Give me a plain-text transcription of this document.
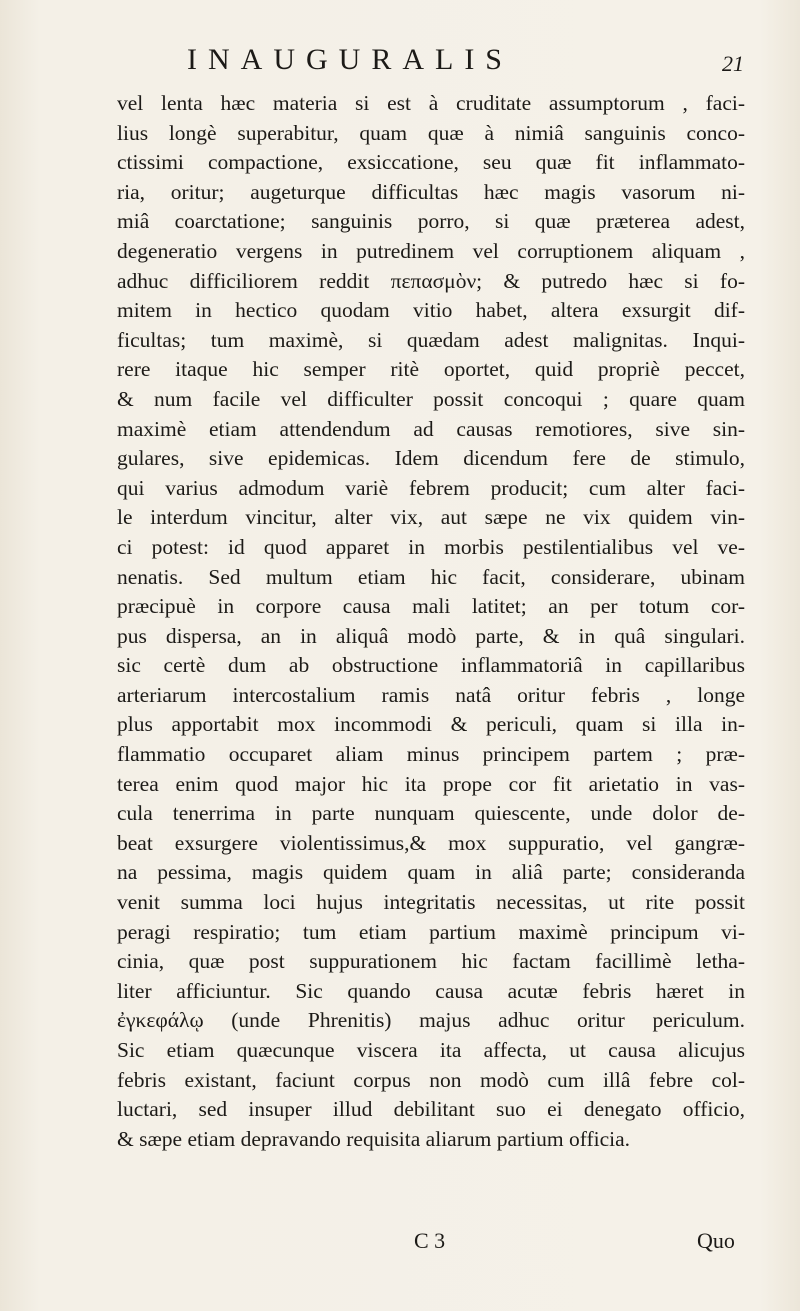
INAUGURALIS	21
vel lenta hæc materia si est à cruditate assumptorum , faci-
lius longè superabitur, quam quæ à nimiâ sanguinis conco-
ctissimi compactione, exsiccatione, seu quæ fit inflammato-
ria, oritur; augeturque difficultas hæc magis vasorum ni-
miâ coarctatione; sanguinis porro, si quæ præterea adest,
degeneratio vergens in putredinem vel corruptionem aliquam ,
adhuc difficiliorem reddit πεπασμὸν; & putredo hæc si fo-
mitem in hectico quodam vitio habet, altera exsurgit dif-
ficultas; tum maximè, si quædam adest malignitas. Inqui-
rere itaque hic semper ritè oportet, quid propriè peccet,
& num facile vel difficulter possit concoqui ; quare quam
maximè etiam attendendum ad causas remotiores, sive sin-
gulares, sive epidemicas. Idem dicendum fere de stimulo,
qui varius admodum variè febrem producit; cum alter faci-
le interdum vincitur, alter vix, aut sæpe ne vix quidem vin-
ci potest: id quod apparet in morbis pestilentialibus vel ve-
nenatis. Sed multum etiam hic facit, considerare, ubinam
præcipuè in corpore causa mali latitet; an per totum cor-
pus dispersa, an in aliquâ modò parte, & in quâ singulari.
sic certè dum ab obstructione inflammatoriâ in capillaribus
arteriarum intercostalium ramis natâ oritur febris , longe
plus apportabit mox incommodi & periculi, quam si illa in-
flammatio occuparet aliam minus principem partem ; præ-
terea enim quod major hic ita prope cor fit arietatio in vas-
cula tenerrima in parte nunquam quiescente, unde dolor de-
beat exsurgere violentissimus,& mox suppuratio, vel gangræ-
na pessima, magis quidem quam in aliâ parte; consideranda
venit summa loci hujus integritatis necessitas, ut rite possit
peragi respiratio; tum etiam partium maximè principum vi-
cinia, quæ post suppurationem hic factam facillimè letha-
liter afficiuntur. Sic quando causa acutæ febris hæret in
ἐγκεφάλῳ (unde Phrenitis) majus adhuc oritur periculum.
Sic etiam quæcunque viscera ita affecta, ut causa alicujus
febris existant, faciunt corpus non modò cum illâ febre col-
luctari, sed insuper illud debilitant suo ei denegato officio,
& sæpe etiam depravando requisita aliarum partium officia.
C 3	Quo
